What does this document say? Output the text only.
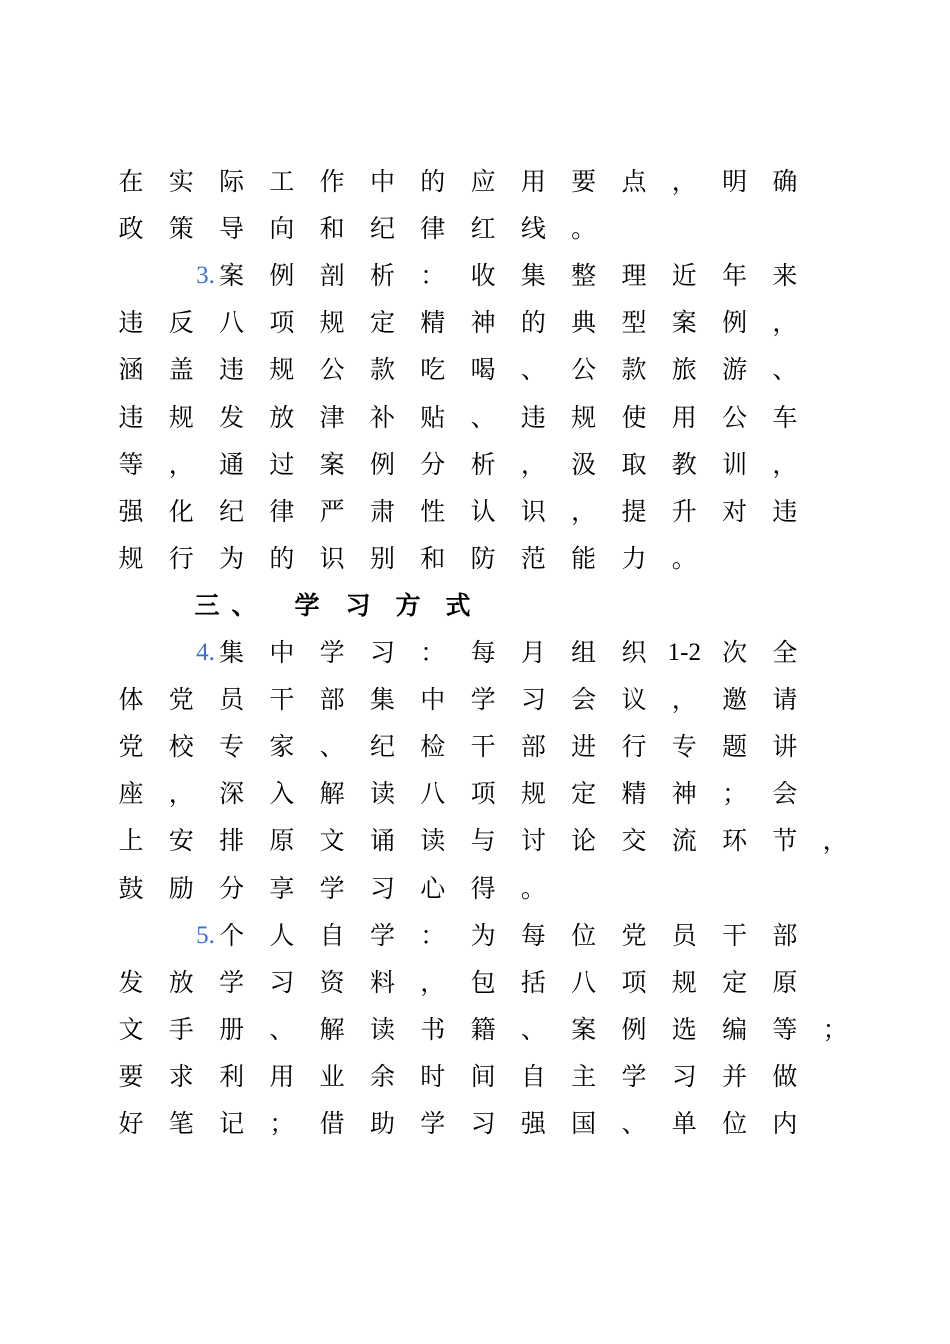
在	实	际	工	作	中	的	应	用	要	点	，	明	确
政	策	导	向	和	纪	律	红	线	。
3. 案	例	剖	析	：	收	集	整	理	近	年	来
违	反	八	项	规	定	精	神	的	典	型	案	例	，
涵	盖	违	规	公	款	吃	喝	、	公	款	旅	游	、
违	规	发	放	津	补	贴	、	违	规	使	用	公	车
等	，	通	过	案	例	分	析	，	汲	取	教	训	，
强	化	纪	律	严	肃	性	认	识	，	提	升	对	违
规	行	为	的	识	别	和	防	范	能	力	。
三 、	学	习 方 式
4. 集	中	学	习	：	每	月	组	织 1-2 次	全
体	党	员	干	部	集	中	学	习	会	议	，	邀	请
党	校	专	家	、	纪	检	干	部	进	行	专	题	讲
座	，	深	入	解	读	八	项	规	定	精	神	；	会
上	安	排	原	文	诵	读	与	讨	论	交	流	环	节	，
鼓	励	分	享	学	习	心	得	。
5. 个	人	自	学	：	为	每	位	党	员	干	部
发	放	学	习	资	料	，	包	括	八	项	规	定	原
文	手	册	、	解	读	书	籍	、	案	例	选	编	等	；
要	求	利	用	业	余	时	间	自	主	学	习	并	做
好	笔	记	；	借	助	学	习	强	国	、	单	位	内
